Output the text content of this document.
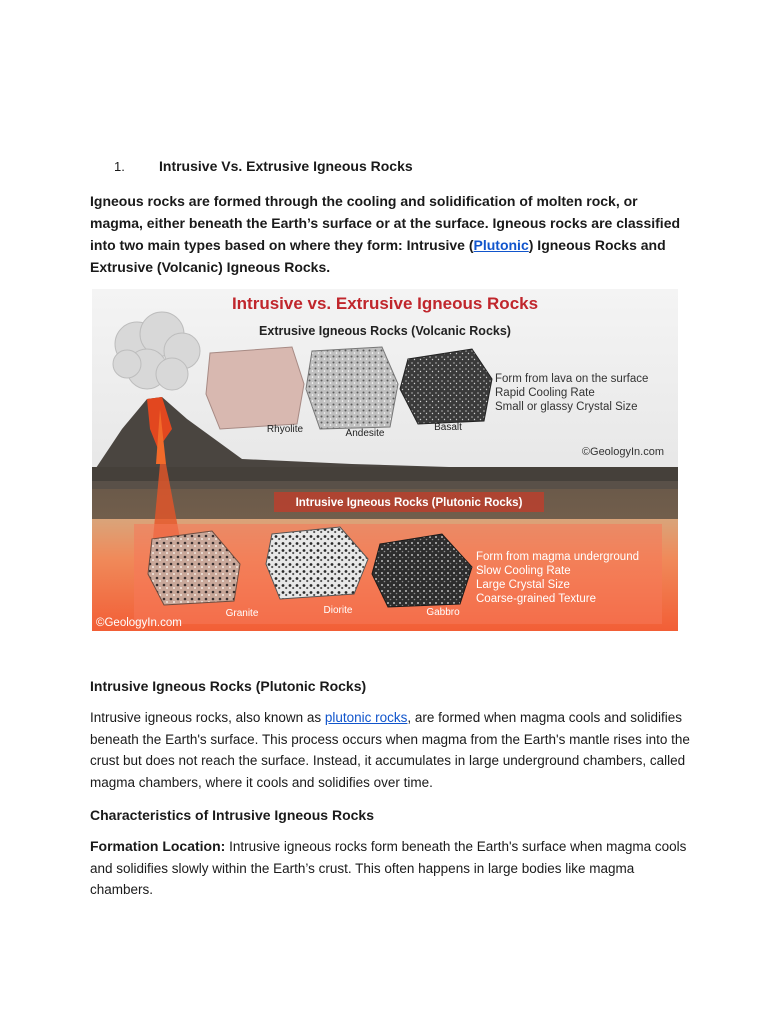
1.	Intrusive Vs. Extrusive Igneous Rocks

Igneous rocks are formed through the cooling and solidification of molten rock, or magma, either beneath the Earth’s surface or at the surface. Igneous rocks are classified into two main types based on where they form: Intrusive (Plutonic) Igneous Rocks and Extrusive (Volcanic) Igneous Rocks.

Intrusive vs. Extrusive Igneous Rocks
Extrusive Igneous Rocks (Volcanic Rocks)
Rhyolite	Andesite
Basalt
Form from lava on the surface
Rapid Cooling Rate
Small or glassy Crystal Size
©GeologyIn.com
Intrusive Igneous Rocks (Plutonic Rocks)
Granite	Diorite	Gabbro
Form from magma underground
Slow Cooling Rate
Large Crystal Size
Coarse-grained Texture
©GeologyIn.com
Intrusive Igneous Rocks (Plutonic Rocks)

Intrusive igneous rocks, also known as plutonic rocks, are formed when magma cools and solidifies beneath the Earth's surface. This process occurs when magma from the Earth's mantle rises into the crust but does not reach the surface. Instead, it accumulates in large underground chambers, called magma chambers, where it cools and solidifies over time.

Characteristics of Intrusive Igneous Rocks

Formation Location: Intrusive igneous rocks form beneath the Earth's surface when magma cools and solidifies slowly within the Earth’s crust. This often happens in large bodies like magma chambers.
